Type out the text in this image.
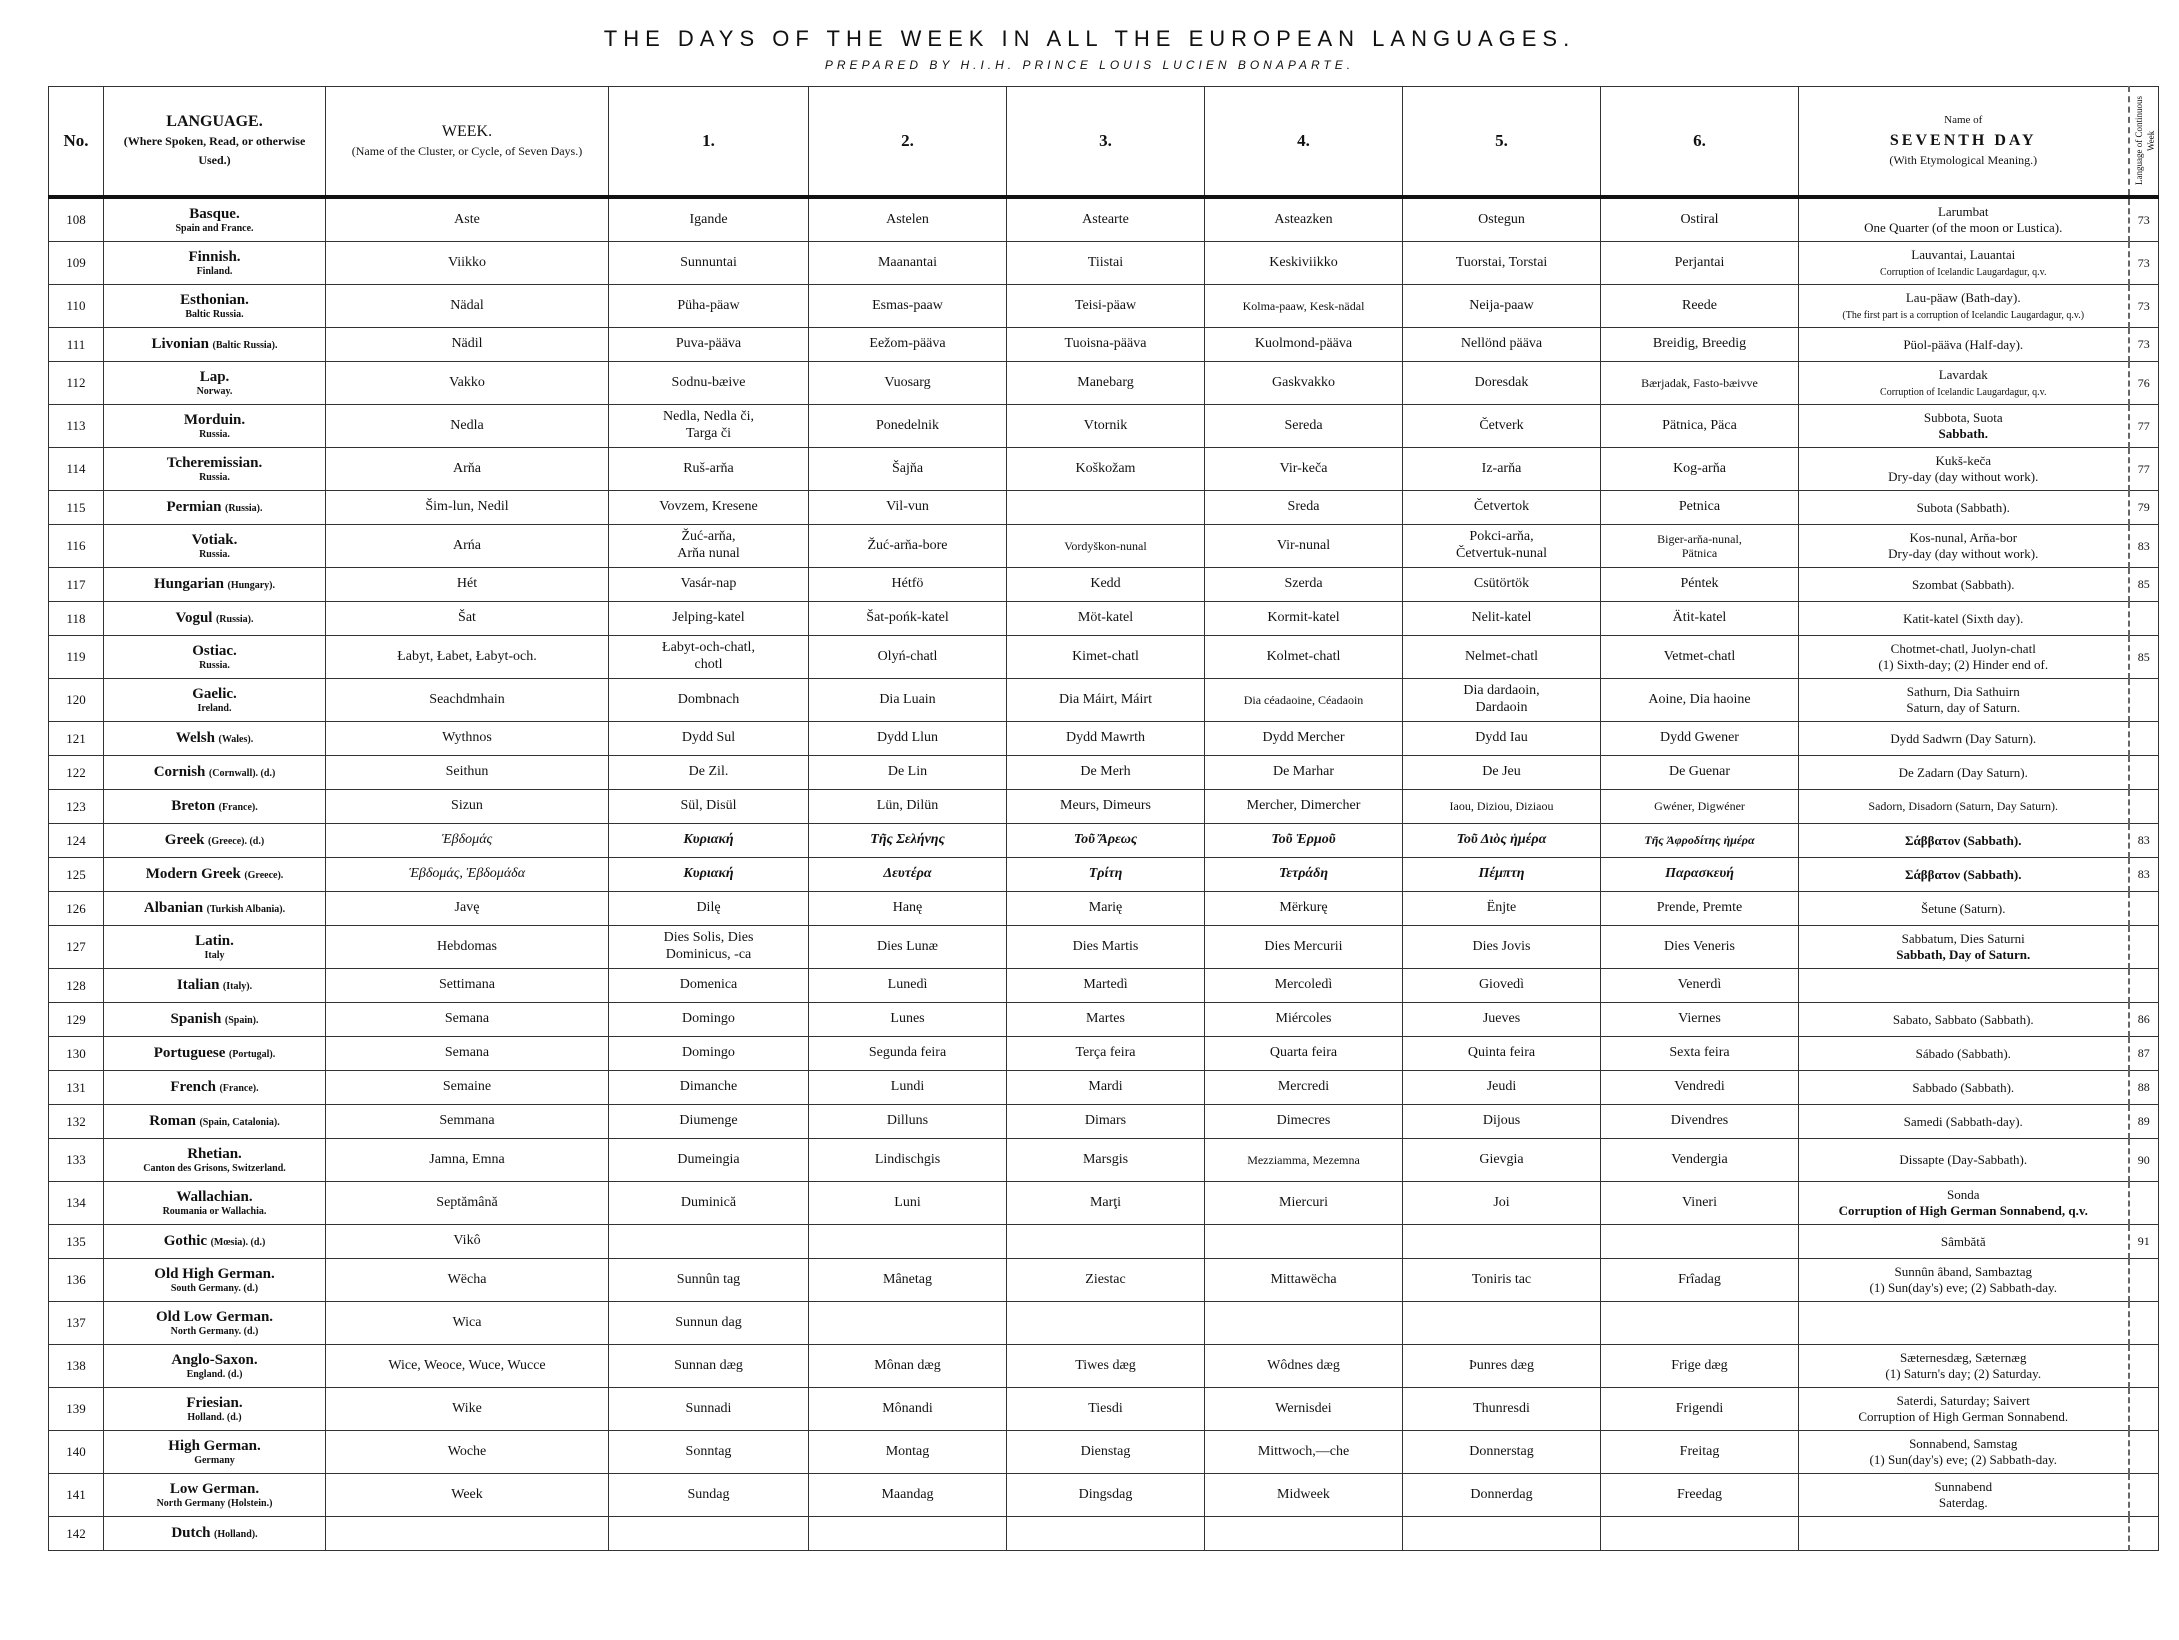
THE DAYS OF THE WEEK IN ALL THE EUROPEAN LANGUAGES.
PREPARED BY H.I.H. PRINCE LOUIS LUCIEN BONAPARTE.
No.	LANGUAGE.
(Where Spoken, Read, or otherwise Used.)	WEEK.
(Name of the Cluster, or Cycle, of Seven Days.)	1.	2.	3.	4.	5.	6.	Name of
SEVENTH DAY
(With Etymological Meaning.)	Language of Continuous Week

108	Basque.
Spain and France.	Aste	Igande	Astelen	Astearte	Asteazken	Ostegun	Ostiral	Larumbat
One Quarter (of the moon or Lustica).	73
109	Finnish.
Finland.	Viikko	Sunnuntai	Maanantai	Tiistai	Keskiviikko	Tuorstai, Torstai	Perjantai	Lauvantai, Lauantai
Corruption of Icelandic Laugardagur, q.v.	73
110	Esthonian.
Baltic Russia.	Nädal	Püha-päaw	Esmas-paaw	Teisi-päaw	Kolma-paaw, Kesk-nädal	Neija-paaw	Reede	Lau-päaw (Bath-day).
(The first part is a corruption of Icelandic Laugardagur, q.v.)	73
111	Livonian (Baltic Russia).	Nädil	Puva-pääva	Eežom-pääva	Tuoisna-pääva	Kuolmond-pääva	Nellönd pääva	Breidig, Breedig	Püol-pääva (Half-day).	73
112	Lap.
Norway.	Vakko	Sodnu-bæive	Vuosarg	Manebarg	Gaskvakko	Doresdak	Bærjadak, Fasto-bæivve	Lavardak
Corruption of Icelandic Laugardagur, q.v.	76
113	Morduin.
Russia.	Nedla	Nedla, Nedla či,
Targa či	Ponedelnik	Vtornik	Sereda	Četverk	Pätnica, Päca	Subbota, Suota
Sabbath.	77
114	Tcheremissian.
Russia.	Arňa	Ruš-arňa	Šajňa	Koškožam	Vir-keča	Iz-arňa	Kog-arňa	Kukš-keča
Dry-day (day without work).	77
115	Permian (Russia).	Šim-lun, Nedil	Vovzem, Kresene	Vil-vun		Sreda	Četvertok	Petnica	Subota (Sabbath).	79
116	Votiak.
Russia.	Arńa	Žuć-arňa,
Arňa nunal	Žuć-arňa-bore	Vordyškon-nunal	Vir-nunal	Pokci-arňa,
Četvertuk-nunal	Biger-arňa-nunal,
Pätnica	Kos-nunal, Arňa-bor
Dry-day (day without work).	83
117	Hungarian (Hungary).	Hét	Vasár-nap	Hétfö	Kedd	Szerda	Csütörtök	Péntek	Szombat (Sabbath).	85
118	Vogul (Russia).	Šat	Jelping-katel	Šat-pońk-katel	Möt-katel	Kormit-katel	Nelit-katel	Ätit-katel	Katit-katel (Sixth day).	
119	Ostiac.
Russia.	Łabyt, Łabet, Łabyt-och.	Łabyt-och-chatl,
chotl	Olyń-chatl	Kimet-chatl	Kolmet-chatl	Nelmet-chatl	Vetmet-chatl	Chotmet-chatl, Juolyn-chatl
(1) Sixth-day; (2) Hinder end of.	85
120	Gaelic.
Ireland.	Seachdmhain	Dombnach	Dia Luain	Dia Máirt, Máirt	Dia céadaoine, Céadaoin	Dia dardaoin,
Dardaoin	Aoine, Dia haoine	Sathurn, Dia Sathuirn
Saturn, day of Saturn.	
121	Welsh (Wales).	Wythnos	Dydd Sul	Dydd Llun	Dydd Mawrth	Dydd Mercher	Dydd Iau	Dydd Gwener	Dydd Sadwrn (Day Saturn).	
122	Cornish (Cornwall). (d.)	Seithun	De Zil.	De Lin	De Merh	De Marhar	De Jeu	De Guenar	De Zadarn (Day Saturn).	
123	Breton (France).	Sizun	Sül, Disül	Lün, Dilün	Meurs, Dimeurs	Mercher, Dimercher	Iaou, Diziou, Diziaou	Gwéner, Digwéner	Sadorn, Disadorn (Saturn, Day Saturn).	
124	Greek (Greece). (d.)	Ἑβδομάς	Κυριακή	Τῆς Σελήνης	Τοῦ Ἄρεως	Τοῦ Ἑρμοῦ	Τοῦ Διὸς ἡμέρα	Τῆς Ἀφροδίτης ἡμέρα	Σάββατον (Sabbath).	83
125	Modern Greek (Greece).	Ἑβδομάς, Ἑβδομάδα	Κυριακή	Δευτέρα	Τρίτη	Τετράδη	Πέμπτη	Παρασκευή	Σάββατον (Sabbath).	83
126	Albanian (Turkish Albania).	Javę	Dilę	Hanę	Marię	Mërkurę	Ënjte	Prende, Premte	Šetune (Saturn).	
127	Latin.
Italy	Hebdomas	Dies Solis, Dies
Dominicus, -ca	Dies Lunæ	Dies Martis	Dies Mercurii	Dies Jovis	Dies Veneris	Sabbatum, Dies Saturni
Sabbath, Day of Saturn.	
128	Italian (Italy).	Settimana	Domenica	Lunedì	Martedì	Mercoledì	Giovedì	Venerdì		
129	Spanish (Spain).	Semana	Domingo	Lunes	Martes	Miércoles	Jueves	Viernes	Sabato, Sabbato (Sabbath).	86
130	Portuguese (Portugal).	Semana	Domingo	Segunda feira	Terça feira	Quarta feira	Quinta feira	Sexta feira	Sábado (Sabbath).	87
131	French (France).	Semaine	Dimanche	Lundi	Mardi	Mercredi	Jeudi	Vendredi	Sabbado (Sabbath).	88
132	Roman (Spain, Catalonia).	Semmana	Diumenge	Dilluns	Dimars	Dimecres	Dijous	Divendres	Samedi (Sabbath-day).	89
133	Rhetian.
Canton des Grisons, Switzerland.	Jamna, Emna	Dumeingia	Lindischgis	Marsgis	Mezziamma, Mezemna	Gievgia	Vendergia	Dissapte (Day-Sabbath).	90
134	Wallachian.
Roumania or Wallachia.	Septămână	Duminică	Luni	Marţi	Miercuri	Joi	Vineri	Sonda
Corruption of High German Sonnabend, q.v.	
135	Gothic (Mœsia). (d.)	Vikô							Sâmbătă	91
136	Old High German.
South Germany. (d.)	Wëcha	Sunnûn tag	Mânetag	Ziestac	Mittawëcha	Toniris tac	Frîadag	Sunnûn âband, Sambaztag
(1) Sun(day's) eve; (2) Sabbath-day.	
137	Old Low German.
North Germany. (d.)	Wica	Sunnun dag						

138	Anglo-Saxon.
England. (d.)	Wice, Weoce, Wuce, Wucce	Sunnan dæg	Mônan dæg	Tiwes dæg	Wôdnes dæg	Þunres dæg	Frige dæg	Sæternesdæg, Sæternæg
(1) Saturn's day; (2) Saturday.	
139	Friesian.
Holland. (d.)	Wike	Sunnadi	Mônandi	Tiesdi	Wernisdei	Thunresdi	Frigendi	Saterdi, Saturday; Saivert
Corruption of High German Sonnabend.	
140	High German.
Germany	Woche	Sonntag	Montag	Dienstag	Mittwoch,—che	Donnerstag	Freitag	Sonnabend, Samstag
(1) Sun(day's) eve; (2) Sabbath-day.	
141	Low German.
North Germany (Holstein.)	Week	Sundag	Maandag	Dingsdag	Midweek	Donnerdag	Freedag	Sunnabend
Saterdag.	
142	Dutch (Holland).									
